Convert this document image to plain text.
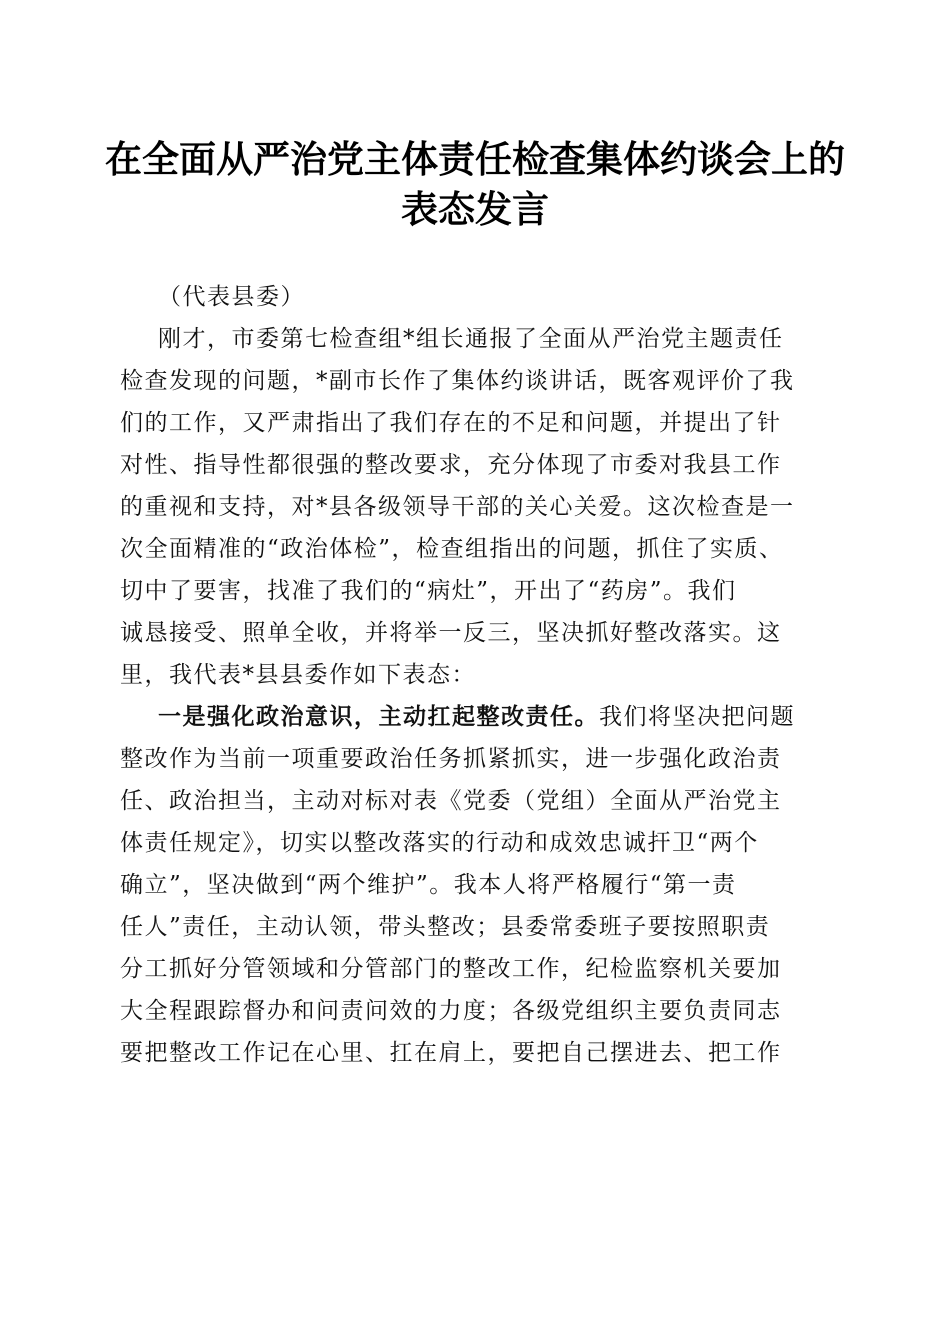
在全面从严治党主体责任检查集体约谈会上的
表态发言
（代表县委）
刚才，市委第七检查组*组长通报了全面从严治党主题责任
检查发现的问题，*副市长作了集体约谈讲话，既客观评价了我
们的工作，又严肃指出了我们存在的不足和问题，并提出了针
对性、指导性都很强的整改要求，充分体现了市委对我县工作
的重视和支持，对*县各级领导干部的关心关爱。这次检查是一
次全面精准的“政治体检”，检查组指出的问题，抓住了实质、
切中了要害，找准了我们的“病灶”，开出了“药房”。我们
诚恳接受、照单全收，并将举一反三，坚决抓好整改落实。这
里，我代表*县县委作如下表态：
一是强化政治意识，主动扛起整改责任。我们将坚决把问题
整改作为当前一项重要政治任务抓紧抓实，进一步强化政治责
任、政治担当，主动对标对表《党委（党组）全面从严治党主
体责任规定》，切实以整改落实的行动和成效忠诚扞卫“两个
确立”，坚决做到“两个维护”。我本人将严格履行“第一责
任人”责任，主动认领，带头整改；县委常委班子要按照职责
分工抓好分管领域和分管部门的整改工作，纪检监察机关要加
大全程跟踪督办和问责问效的力度；各级党组织主要负责同志
要把整改工作记在心里、扛在肩上，要把自己摆进去、把工作
